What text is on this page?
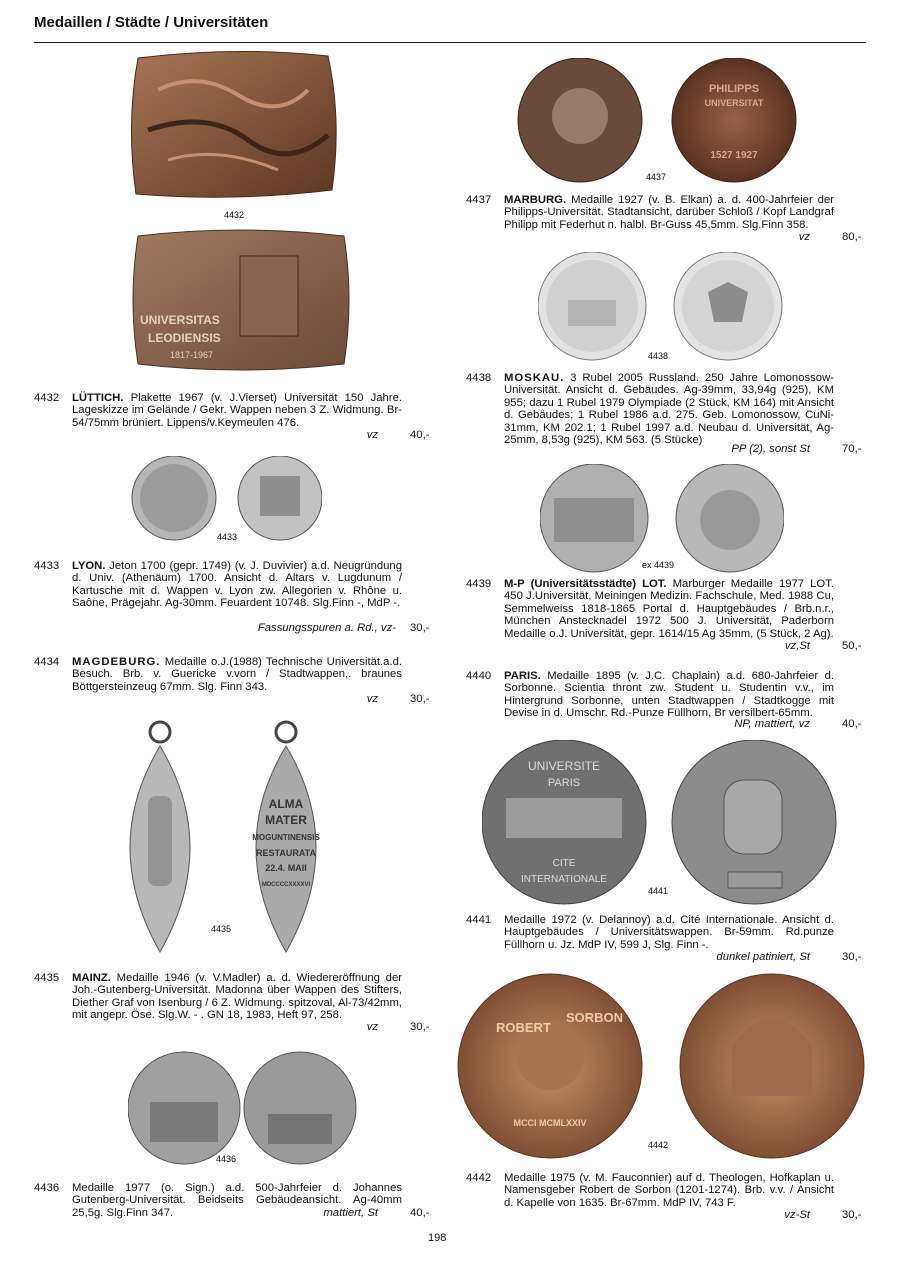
Medaillen / Städte / Universitäten
4432
UNIVERSITAS
LEODIENSIS
1817-1967
4432 LÜTTICH. Plakette 1967 (v. J.Vierset) Universität 150 Jahre. Lageskizze im Gelände / Gekr. Wappen neben 3 Z. Widmung. Br-54/75mm brüniert. Lippens/v.Keymeulen 476.
vz	40,-
4433
4433 LYON. Jeton 1700 (gepr. 1749) (v. J. Duvivier) a.d. Neugründung d. Univ. (Athenäum) 1700. Ansicht d. Altars v. Lugdunum / Kartusche mit d. Wappen v. Lyon zw. Allegorien v. Rhône u. Saône, Prägejahr. Ag-30mm. Feuardent 10748. Slg.Finn -, MdP -.
Fassungsspuren a. Rd., vz- 30,-
4434 MAGDEBURG. Medaille o.J.(1988) Technische Universität.a.d. Besuch. Brb. v. Guericke v.vorn / Stadtwappen,. braunes Böttgersteinzeug 67mm. Slg. Finn 343.
vz	30,-
ALMA
MATER
MOGUNTINENSIS
RESTAURATA
22.4. MAII
MDCCCCXXXXVI
4435
4435 MAINZ. Medaille 1946 (v. V.Madler) a. d. Wiedereröffnung der Joh.-Gutenberg-Universität. Madonna über Wappen des Stifters, Diether Graf von Isenburg / 6 Z. Widmung. spitzoval, Al-73/42mm, mit angepr. Öse. Slg.W. - . GN 18, 1983, Heft 97, 258.
vz	30,-
4436
4436 Medaille 1977 (o. Sign.) a.d. 500-Jahrfeier d. Johannes Gutenberg-Universität. Beidseits Gebäudeansicht. Ag-40mm 25,5g. Slg.Finn 347.	mattiert, St	40,-
PHILIPPS
UNIVERSITAT
1527 1927
4437
4437 MARBURG. Medaille 1927 (v. B. Elkan) a. d. 400-Jahrfeier der Philipps-Universität. Stadtansicht, darüber Schloß / Kopf Landgraf Philipp mit Federhut n. halbl. Br-Guss 45,5mm. Slg.Finn 358.
vz	80,-
4438
4438 MOSKAU. 3 Rubel 2005 Russland. 250 Jahre Lomonossow-Universität. Ansicht d. Gebäudes. Ag-39mm, 33,94g (925), KM 955; dazu 1 Rubel 1979 Olympiade (2 Stück, KM 164) mit Ansicht d. Gebäudes; 1 Rubel 1986 a.d. 275. Geb. Lomonossow, CuNi-31mm, KM 202.1; 1 Rubel 1997 a.d. Neubau d. Universität, Ag-25mm, 8,53g (925), KM 563. (5 Stücke)
PP (2), sonst St	70,-
ex 4439
4439 M-P (Universitätsstädte) LOT. Marburger Medaille 1977 LOT. 450 J.Universität, Meiningen Medizin. Fachschule, Med. 1988 Cu, Semmelweiss 1818-1865 Portal d. Hauptgebäudes / Brb.n.r., München Anstecknadel 1972 500 J. Universität, Paderborn Medaille o.J. Universität, gepr. 1614/15 Ag 35mm, (5 Stück, 2 Ag).
vz,St	50,-
4440 PARIS. Medaille 1895 (v. J.C. Chaplain) a.d. 680-Jahrfeier d. Sorbonne. Scientia thront zw. Student u. Studentin v.v., im Hintergrund Sorbonne, unten Stadtwappen / Stadtkogge mit Devise in d. Umschr. Rd.-Punze Füllhorn, Br versilbert-65mm.
NP, mattiert, vz	40,-
UNIVERSITE
PARIS
CITE
INTERNATIONALE
4441
4441 Medaille 1972 (v. Delannoy) a.d. Cité Internationale. Ansicht d. Hauptgebäudes / Universitätswappen. Br-59mm. Rd.punze Füllhorn u. Jz. MdP IV, 599 J, Slg. Finn -.
dunkel patiniert, St	30,-
ROBERT
SORBON
MCCI MCMLXXIV
4442
4442 Medaille 1975 (v. M. Fauconnier) auf d. Theologen, Hofkaplan u. Namensgeber Robert de Sorbon (1201-1274). Brb. v.v. / Ansicht d. Kapelle von 1635. Br-67mm. MdP IV, 743 F.
vz-St	30,-
198
